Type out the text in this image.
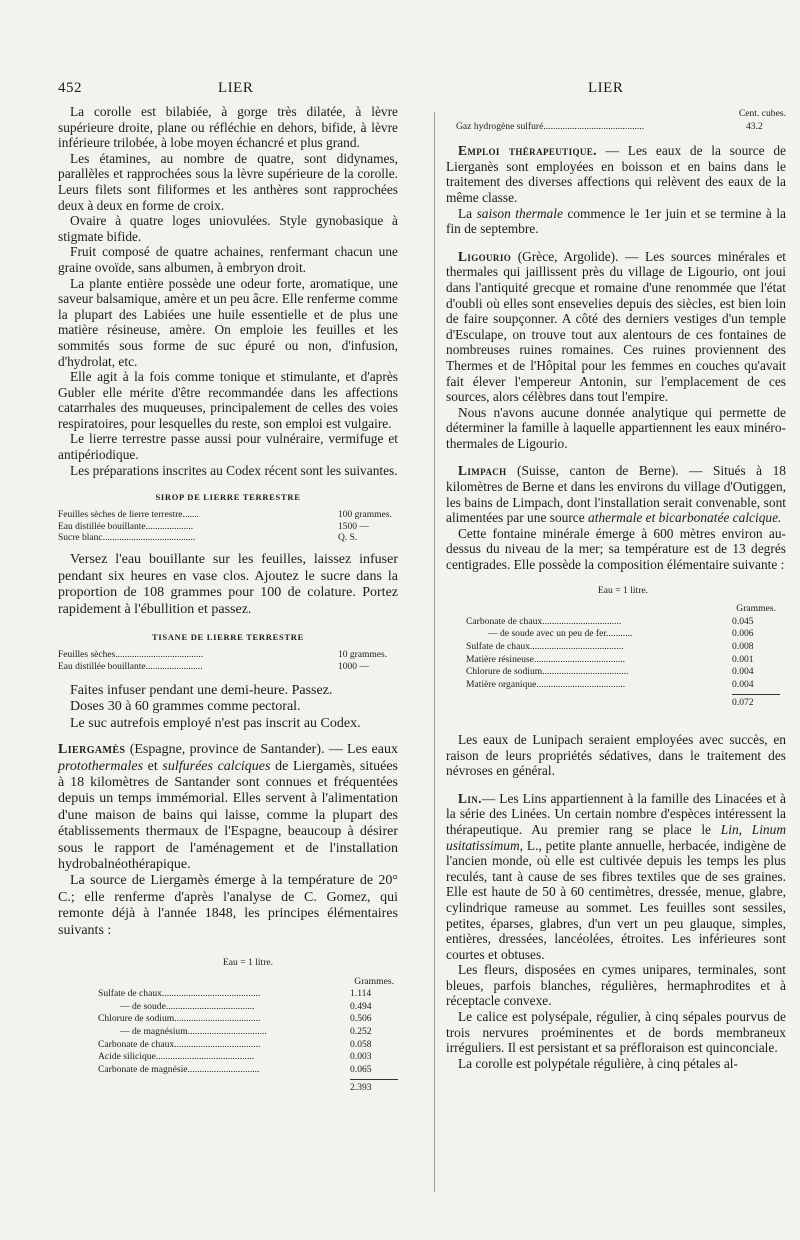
452	LIER	LIER

La corolle est bilabiée, à gorge très dilatée, à lèvre supérieure droite, plane ou réfléchie en dehors, bifide, à lèvre inférieure trilobée, à lobe moyen échancré et plus grand.

Les étamines, au nombre de quatre, sont didynames, parallèles et rapprochées sous la lèvre supérieure de la corolle. Leurs filets sont filiformes et les anthères sont rapprochées deux à deux en forme de croix.

Ovaire à quatre loges uniovulées. Style gynobasique à stigmate bifide.

Fruit composé de quatre achaines, renfermant chacun une graine ovoïde, sans albumen, à embryon droit.

La plante entière possède une odeur forte, aromatique, une saveur balsamique, amère et un peu âcre. Elle renferme comme la plupart des Labiées une huile essentielle et de plus une matière résineuse, amère. On emploie les feuilles et les sommités sous forme de suc épuré ou non, d'infusion, d'hydrolat, etc.

Elle agit à la fois comme tonique et stimulante, et d'après Gubler elle mérite d'être recommandée dans les affections catarrhales des muqueuses, principalement de celles des voies respiratoires, pour lesquelles du reste, son emploi est vulgaire.

Le lierre terrestre passe aussi pour vulnéraire, vermifuge et antipériodique.

Les préparations inscrites au Codex récent sont les suivantes.

SIROP DE LIERRE TERRESTRE
Feuilles sèches de lierre terrestre.......	100 grammes.
Eau distillée bouillante....................	1500 —
Sucre blanc.......................................	Q. S.

Versez l'eau bouillante sur les feuilles, laissez infuser pendant six heures en vase clos. Ajoutez le sucre dans la proportion de 108 grammes pour 100 de colature. Portez rapidement à l'ébullition et passez.

TISANE DE LIERRE TERRESTRE
Feuilles sèches.....................................	10 grammes.
Eau distillée bouillante........................	1000 —

Faites infuser pendant une demi-heure. Passez.

Doses 30 à 60 grammes comme pectoral.

Le suc autrefois employé n'est pas inscrit au Codex.

Liergamès (Espagne, province de Santander). — Les eaux protothermales et sulfurées calciques de Liergamès, situées à 18 kilomètres de Santander sont connues et fréquentées depuis un temps immémorial. Elles servent à l'alimentation d'une maison de bains qui laisse, comme la plupart des établissements thermaux de l'Espagne, beaucoup à désirer sous le rapport de l'aménagement et de l'installation hydrobalnéothérapique.

La source de Liergamès émerge à la température de 20° C.; elle renferme d'après l'analyse de C. Gomez, qui remonte déjà à l'année 1848, les principes élémentaires suivants :

Eau = 1 litre.
Grammes.
Sulfate de chaux.........................................	1.114
— de soude.....................................	0.494
Chlorure de sodium....................................	0.506
— de magnésium.................................	0.252
Carbonate de chaux....................................	0.058
Acide silicique.........................................	0.003
Carbonate de magnésie..............................	0.065
2.393
Cent. cubes.
Gaz hydrogène sulfuré..........................................	43.2

Emploi thérapeutique. — Les eaux de la source de Lierganès sont employées en boisson et en bains dans le traitement des diverses affections qui relèvent des eaux de la même classe.

La saison thermale commence le 1er juin et se termine à la fin de septembre.

Ligourio (Grèce, Argolide). — Les sources minérales et thermales qui jaillissent près du village de Ligourio, ont joui dans l'antiquité grecque et romaine d'une renommée que l'état d'oubli où elles sont ensevelies depuis des siècles, est bien loin de faire soupçonner. A côté des derniers vestiges d'un temple d'Esculape, on trouve tout aux alentours de ces fontaines de nombreuses ruines romaines. Ces ruines proviennent des Thermes et de l'Hôpital pour les femmes en couches qu'avait fait élever l'empereur Antonin, sur l'emplacement de ces sources, alors célèbres dans tout l'empire.

Nous n'avons aucune donnée analytique qui permette de déterminer la famille à laquelle appartiennent les eaux minéro-thermales de Ligourio.

Limpach (Suisse, canton de Berne). — Situés à 18 kilomètres de Berne et dans les environs du village d'Outiggen, les bains de Limpach, dont l'installation serait convenable, sont alimentées par une source athermale et bicarbonatée calcique.

Cette fontaine minérale émerge à 600 mètres environ au-dessus du niveau de la mer; sa température est de 13 degrés centigrades. Elle possède la composition élémentaire suivante :

Eau = 1 litre.
Grammes.
Carbonate de chaux.................................	0.045
— de soude avec un peu de fer...........	0.006
Sulfate de chaux.......................................	0.008
Matière résineuse......................................	0.001
Chlorure de sodium....................................	0.004
Matière organique.....................................	0.004
0.072

Les eaux de Lunipach seraient employées avec succès, en raison de leurs propriétés sédatives, dans le traitement des névroses en général.

Lin.— Les Lins appartiennent à la famille des Linacées et à la série des Linées. Un certain nombre d'espèces intéressent la thérapeutique. Au premier rang se place le Lin, Linum usitatissimum, L., petite plante annuelle, herbacée, indigène de l'ancien monde, où elle est cultivée depuis les temps les plus reculés, tant à cause de ses fibres textiles que de ses graines. Elle est haute de 50 à 60 centimètres, dressée, menue, glabre, cylindrique rameuse au sommet. Les feuilles sont sessiles, petites, éparses, glabres, d'un vert un peu glauque, simples, entières, dressées, lancéolées, étroites. Les inférieures sont courtes et obtuses.

Les fleurs, disposées en cymes unipares, terminales, sont bleues, parfois blanches, régulières, hermaphrodites et à réceptacle convexe.

Le calice est polysépale, régulier, à cinq sépales pourvus de trois nervures proéminentes et de bords membraneux irréguliers. Il est persistant et sa préfloraison est quinconciale.

La corolle est polypétale régulière, à cinq pétales al-
